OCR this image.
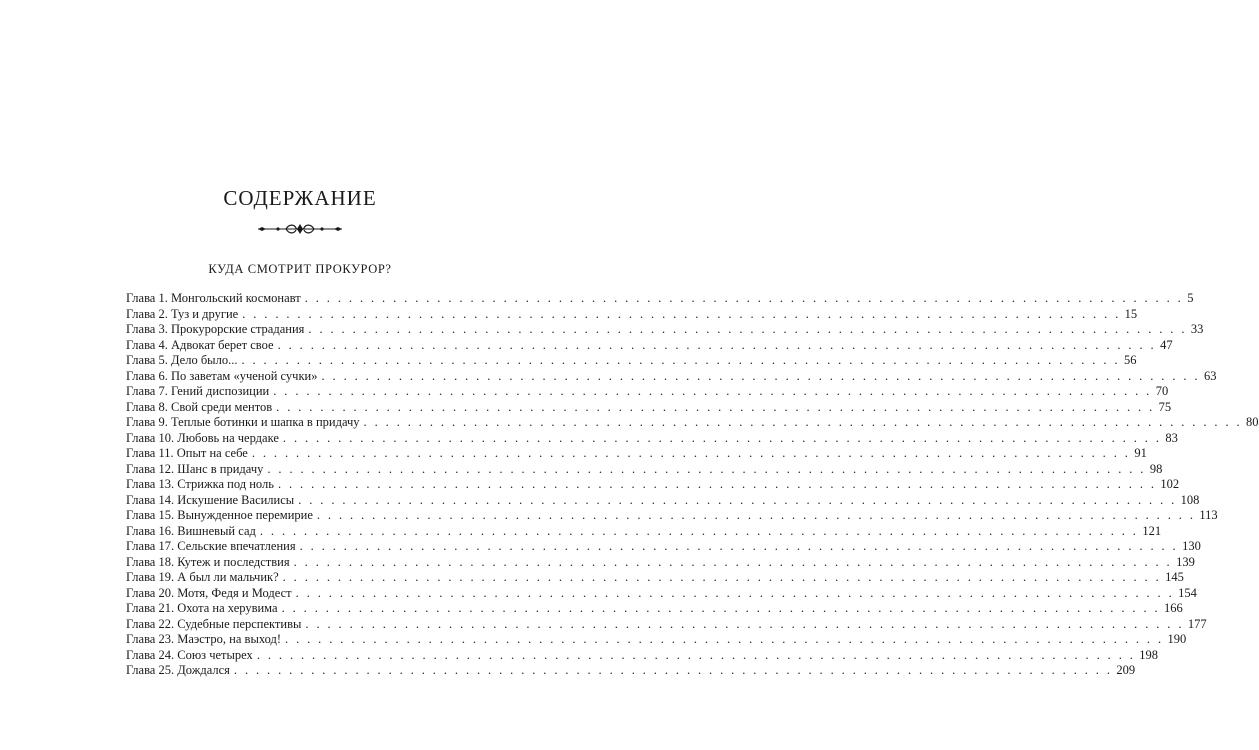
СОДЕРЖАНИЕ
КУДА СМОТРИТ ПРОКУРОР?
Глава 1. Монгольский космонавт . . . . . . . . . . . . . . . . . . . . . . . . . . . . . . . . . . . . . . . . . . . . . . . . . . . . . . . . . . . . . . . . . . . . . . . . . . . . . . . . 5
Глава 2. Туз и другие . . . . . . . . . . . . . . . . . . . . . . . . . . . . . . . . . . . . . . . . . . . . . . . . . . . . . . . . . . . . . . . . . . . . . . . . . . . . . . . . 15
Глава 3. Прокурорские страдания . . . . . . . . . . . . . . . . . . . . . . . . . . . . . . . . . . . . . . . . . . . . . . . . . . . . . . . . . . . . . . . . . . . . . . . . . . . . . . . . 33
Глава 4. Адвокат берет свое . . . . . . . . . . . . . . . . . . . . . . . . . . . . . . . . . . . . . . . . . . . . . . . . . . . . . . . . . . . . . . . . . . . . . . . . . . . . . . . . 47
Глава 5. Дело было... . . . . . . . . . . . . . . . . . . . . . . . . . . . . . . . . . . . . . . . . . . . . . . . . . . . . . . . . . . . . . . . . . . . . . . . . . . . . . . . . 56
Глава 6. По заветам «ученой сучки» . . . . . . . . . . . . . . . . . . . . . . . . . . . . . . . . . . . . . . . . . . . . . . . . . . . . . . . . . . . . . . . . . . . . . . . . . . . . . . . . 63
Глава 7. Гений диспозиции . . . . . . . . . . . . . . . . . . . . . . . . . . . . . . . . . . . . . . . . . . . . . . . . . . . . . . . . . . . . . . . . . . . . . . . . . . . . . . . . 70
Глава 8. Свой среди ментов . . . . . . . . . . . . . . . . . . . . . . . . . . . . . . . . . . . . . . . . . . . . . . . . . . . . . . . . . . . . . . . . . . . . . . . . . . . . . . . . 75
Глава 9. Теплые ботинки и шапка в придачу . . . . . . . . . . . . . . . . . . . . . . . . . . . . . . . . . . . . . . . . . . . . . . . . . . . . . . . . . . . . . . . . . . . . . . . . . . . . . . . . 80
Глава 10. Любовь на чердаке . . . . . . . . . . . . . . . . . . . . . . . . . . . . . . . . . . . . . . . . . . . . . . . . . . . . . . . . . . . . . . . . . . . . . . . . . . . . . . . . 83
Глава 11. Опыт на себе . . . . . . . . . . . . . . . . . . . . . . . . . . . . . . . . . . . . . . . . . . . . . . . . . . . . . . . . . . . . . . . . . . . . . . . . . . . . . . . . 91
Глава 12. Шанс в придачу . . . . . . . . . . . . . . . . . . . . . . . . . . . . . . . . . . . . . . . . . . . . . . . . . . . . . . . . . . . . . . . . . . . . . . . . . . . . . . . . 98
Глава 13. Стрижка под ноль . . . . . . . . . . . . . . . . . . . . . . . . . . . . . . . . . . . . . . . . . . . . . . . . . . . . . . . . . . . . . . . . . . . . . . . . . . . . . . . . 102
Глава 14. Искушение Василисы . . . . . . . . . . . . . . . . . . . . . . . . . . . . . . . . . . . . . . . . . . . . . . . . . . . . . . . . . . . . . . . . . . . . . . . . . . . . . . . . 108
Глава 15. Вынужденное перемирие . . . . . . . . . . . . . . . . . . . . . . . . . . . . . . . . . . . . . . . . . . . . . . . . . . . . . . . . . . . . . . . . . . . . . . . . . . . . . . . . 113
Глава 16. Вишневый сад . . . . . . . . . . . . . . . . . . . . . . . . . . . . . . . . . . . . . . . . . . . . . . . . . . . . . . . . . . . . . . . . . . . . . . . . . . . . . . . . 121
Глава 17. Сельские впечатления . . . . . . . . . . . . . . . . . . . . . . . . . . . . . . . . . . . . . . . . . . . . . . . . . . . . . . . . . . . . . . . . . . . . . . . . . . . . . . . . 130
Глава 18. Кутеж и последствия . . . . . . . . . . . . . . . . . . . . . . . . . . . . . . . . . . . . . . . . . . . . . . . . . . . . . . . . . . . . . . . . . . . . . . . . . . . . . . . . 139
Глава 19. А был ли мальчик? . . . . . . . . . . . . . . . . . . . . . . . . . . . . . . . . . . . . . . . . . . . . . . . . . . . . . . . . . . . . . . . . . . . . . . . . . . . . . . . . 145
Глава 20. Мотя, Федя и Модест . . . . . . . . . . . . . . . . . . . . . . . . . . . . . . . . . . . . . . . . . . . . . . . . . . . . . . . . . . . . . . . . . . . . . . . . . . . . . . . . 154
Глава 21. Охота на херувима . . . . . . . . . . . . . . . . . . . . . . . . . . . . . . . . . . . . . . . . . . . . . . . . . . . . . . . . . . . . . . . . . . . . . . . . . . . . . . . . 166
Глава 22. Судебные перспективы . . . . . . . . . . . . . . . . . . . . . . . . . . . . . . . . . . . . . . . . . . . . . . . . . . . . . . . . . . . . . . . . . . . . . . . . . . . . . . . . 177
Глава 23. Маэстро, на выход! . . . . . . . . . . . . . . . . . . . . . . . . . . . . . . . . . . . . . . . . . . . . . . . . . . . . . . . . . . . . . . . . . . . . . . . . . . . . . . . . 190
Глава 24. Союз четырех . . . . . . . . . . . . . . . . . . . . . . . . . . . . . . . . . . . . . . . . . . . . . . . . . . . . . . . . . . . . . . . . . . . . . . . . . . . . . . . . 198
Глава 25. Дождался . . . . . . . . . . . . . . . . . . . . . . . . . . . . . . . . . . . . . . . . . . . . . . . . . . . . . . . . . . . . . . . . . . . . . . . . . . . . . . . . 209
